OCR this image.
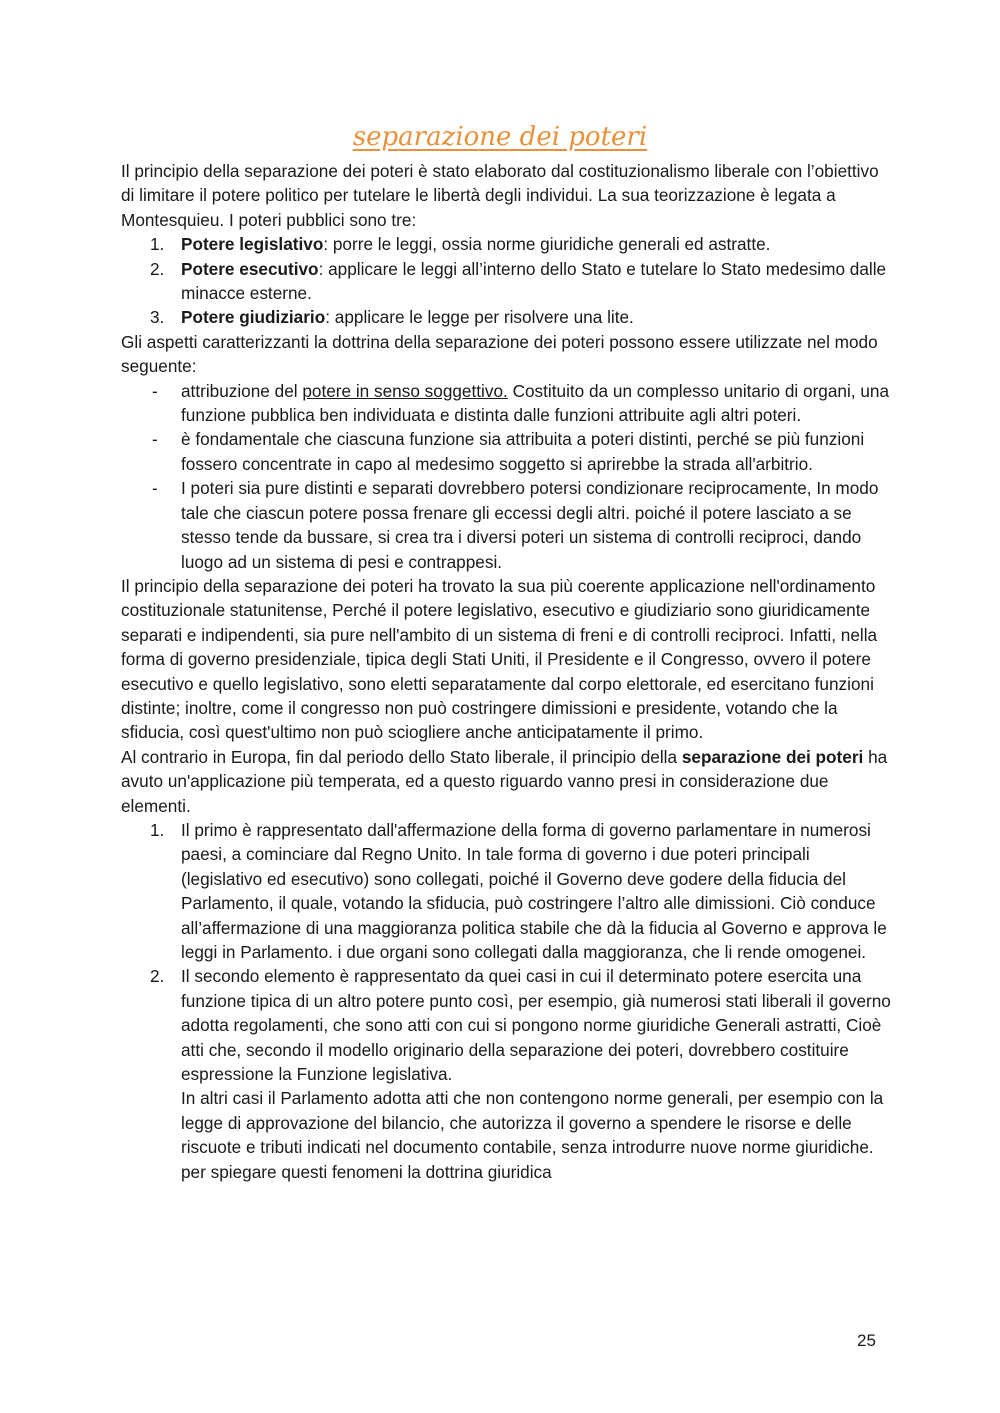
separazione dei poteri

Il principio della separazione dei poteri è stato elaborato dal costituzionalismo liberale con l’obiettivo di limitare il potere politico per tutelare le libertà degli individui. La sua teorizzazione è legata a Montesquieu. I poteri pubblici sono tre:

1. Potere legislativo: porre le leggi, ossia norme giuridiche generali ed astratte.
2. Potere esecutivo: applicare le leggi all’interno dello Stato e tutelare lo Stato medesimo dalle minacce esterne.
3. Potere giudiziario: applicare le legge per risolvere una lite.

Gli aspetti caratterizzanti la dottrina della separazione dei poteri possono essere utilizzate nel modo seguente:

- attribuzione del potere in senso soggettivo. Costituito da un complesso unitario di organi, una funzione pubblica ben individuata e distinta dalle funzioni attribuite agli altri poteri.
- è fondamentale che ciascuna funzione sia attribuita a poteri distinti, perché se più funzioni fossero concentrate in capo al medesimo soggetto si aprirebbe la strada all'arbitrio.
- I poteri sia pure distinti e separati dovrebbero potersi condizionare reciprocamente, In modo tale che ciascun potere possa frenare gli eccessi degli altri. poiché il potere lasciato a se stesso tende da bussare, si crea tra i diversi poteri un sistema di controlli reciproci, dando luogo ad un sistema di pesi e contrappesi.

Il principio della separazione dei poteri ha trovato la sua più coerente applicazione nell'ordinamento costituzionale statunitense, Perché il potere legislativo, esecutivo e giudiziario sono giuridicamente separati e indipendenti, sia pure nell'ambito di un sistema di freni e di controlli reciproci. Infatti, nella forma di governo presidenziale, tipica degli Stati Uniti, il Presidente e il Congresso, ovvero il potere esecutivo e quello legislativo, sono eletti separatamente dal corpo elettorale, ed esercitano funzioni distinte; inoltre, come il congresso non può costringere dimissioni e presidente, votando che la sfiducia, così quest'ultimo non può sciogliere anche anticipatamente il primo.

Al contrario in Europa, fin dal periodo dello Stato liberale, il principio della separazione dei poteri ha avuto un'applicazione più temperata, ed a questo riguardo vanno presi in considerazione due elementi.

1. Il primo è rappresentato dall'affermazione della forma di governo parlamentare in numerosi paesi, a cominciare dal Regno Unito. In tale forma di governo i due poteri principali (legislativo ed esecutivo) sono collegati, poiché il Governo deve godere della fiducia del Parlamento, il quale, votando la sfiducia, può costringere l’altro alle dimissioni. Ciò conduce all’affermazione di una maggioranza politica stabile che dà la fiducia al Governo e approva le leggi in Parlamento. i due organi sono collegati dalla maggioranza, che li rende omogenei.
2. Il secondo elemento è rappresentato da quei casi in cui il determinato potere esercita una funzione tipica di un altro potere punto così, per esempio, già numerosi stati liberali il governo adotta regolamenti, che sono atti con cui si pongono norme giuridiche Generali astratti, Cioè atti che, secondo il modello originario della separazione dei poteri, dovrebbero costituire espressione la Funzione legislativa.
In altri casi il Parlamento adotta atti che non contengono norme generali, per esempio con la legge di approvazione del bilancio, che autorizza il governo a spendere le risorse e delle riscuote e tributi indicati nel documento contabile, senza introdurre nuove norme giuridiche. per spiegare questi fenomeni la dottrina giuridica
25
